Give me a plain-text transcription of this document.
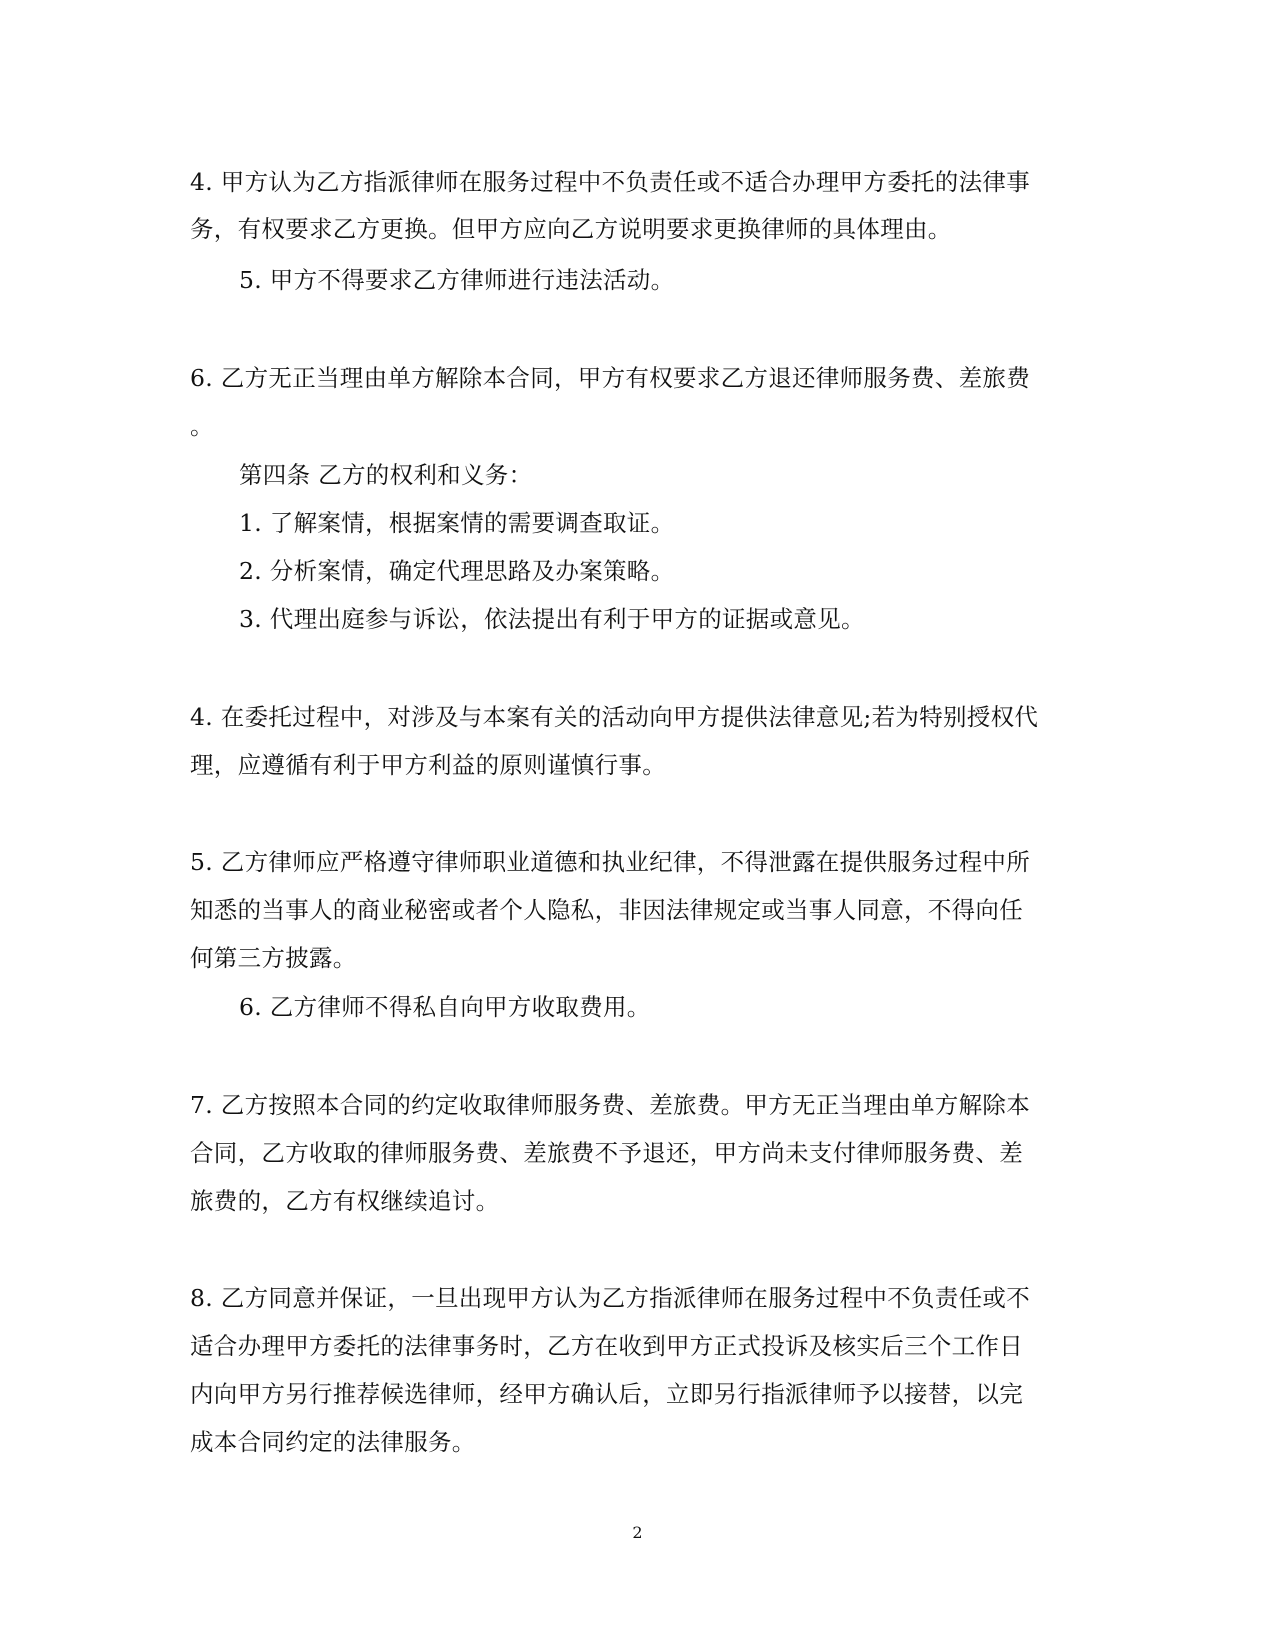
4. 甲方认为乙方指派律师在服务过程中不负责任或不适合办理甲方委托的法律事
务，有权要求乙方更换。但甲方应向乙方说明要求更换律师的具体理由。
5. 甲方不得要求乙方律师进行违法活动。
6. 乙方无正当理由单方解除本合同，甲方有权要求乙方退还律师服务费、差旅费
。
第四条 乙方的权利和义务：
1. 了解案情，根据案情的需要调查取证。
2. 分析案情，确定代理思路及办案策略。
3. 代理出庭参与诉讼，依法提出有利于甲方的证据或意见。
4. 在委托过程中，对涉及与本案有关的活动向甲方提供法律意见;若为特别授权代
理，应遵循有利于甲方利益的原则谨慎行事。
5. 乙方律师应严格遵守律师职业道德和执业纪律，不得泄露在提供服务过程中所
知悉的当事人的商业秘密或者个人隐私，非因法律规定或当事人同意，不得向任
何第三方披露。
6. 乙方律师不得私自向甲方收取费用。
7. 乙方按照本合同的约定收取律师服务费、差旅费。甲方无正当理由单方解除本
合同，乙方收取的律师服务费、差旅费不予退还，甲方尚未支付律师服务费、差
旅费的，乙方有权继续追讨。
8. 乙方同意并保证，一旦出现甲方认为乙方指派律师在服务过程中不负责任或不
适合办理甲方委托的法律事务时，乙方在收到甲方正式投诉及核实后三个工作日
内向甲方另行推荐候选律师，经甲方确认后，立即另行指派律师予以接替，以完
成本合同约定的法律服务。
2
